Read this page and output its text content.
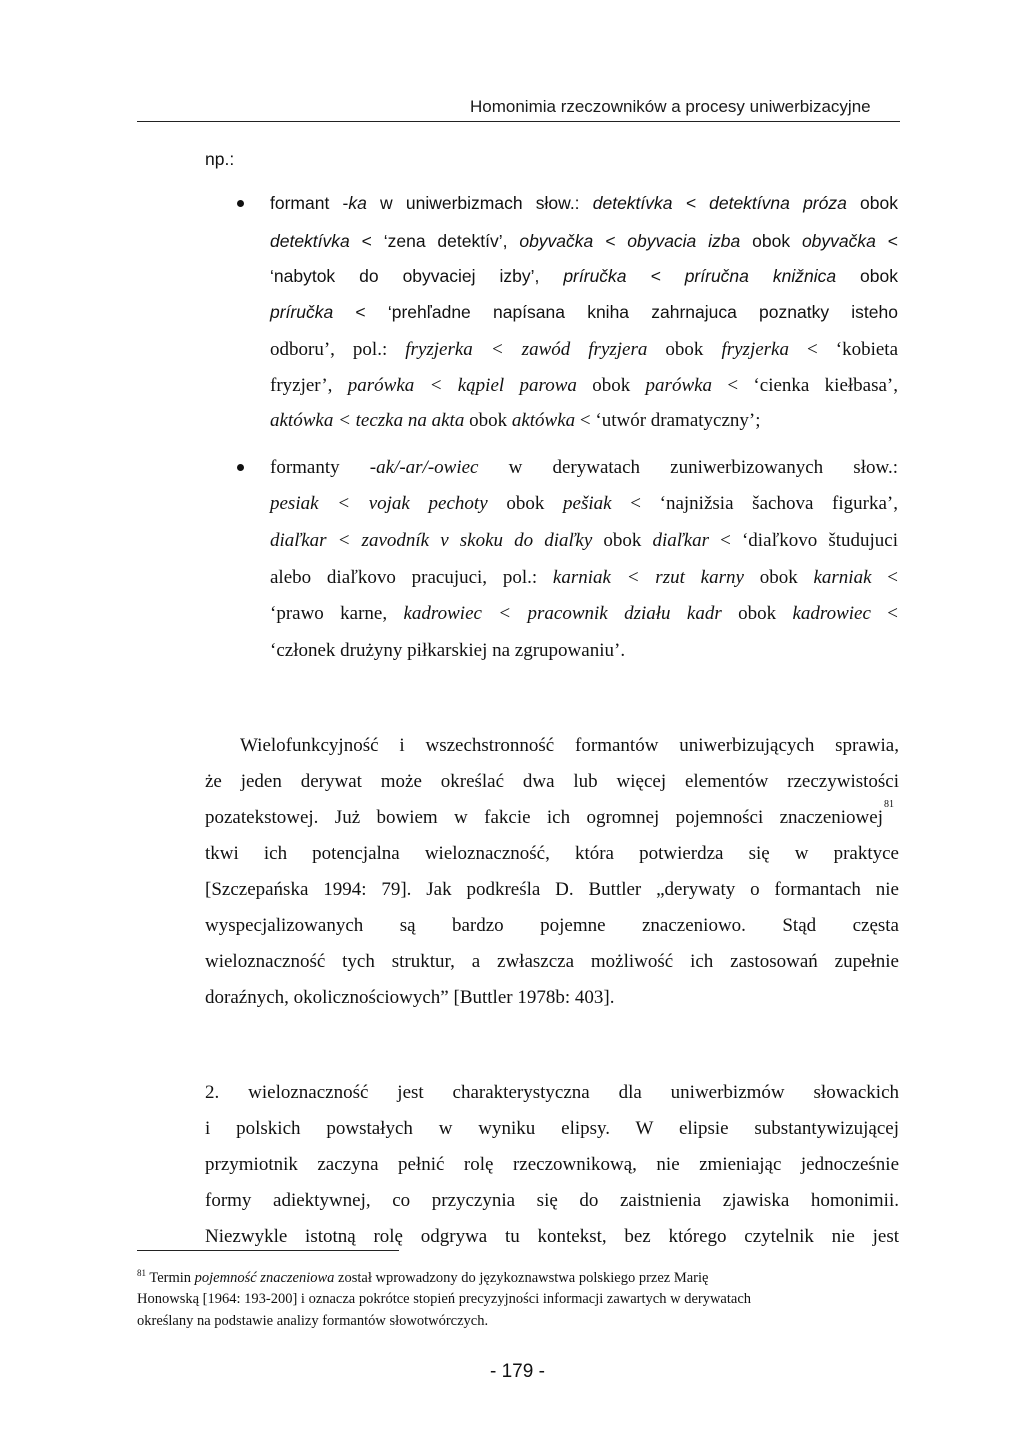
Homonimia rzeczowników a procesy uniwerbizacyjne
np.:
formant -ka w uniwerbizmach słow.: detektívka < detektívna próza obok
detektívka < ‘zena detektív’, obyvačka < obyvacia izba obok obyvačka <
‘nabytok do obyvaciej izby’, príručka < príručna knižnica obok
príručka < ‘prehľadne napísana kniha zahrnajuca poznatky isteho
odboru’, pol.: fryzjerka < zawód fryzjera obok fryzjerka < ‘kobieta
fryzjer’, parówka < kąpiel parowa obok parówka < ‘cienka kiełbasa’,
aktówka < teczka na akta obok aktówka < ‘utwór dramatyczny’;
formanty -ak/-ar/-owiec w derywatach zuniwerbizowanych słow.:
pesiak < vojak pechoty obok pešiak < ‘najnižsia šachova figurka’,
diaľkar < zavodník v skoku do diaľky obok diaľkar < ‘diaľkovo študujuci
alebo diaľkovo pracujuci, pol.: karniak < rzut karny obok karniak <
‘prawo karne, kadrowiec < pracownik działu kadr obok kadrowiec <
‘członek drużyny piłkarskiej na zgrupowaniu’.
Wielofunkcyjność i wszechstronność formantów uniwerbizujących sprawia,
że jeden derywat może określać dwa lub więcej elementów rzeczywistości
pozatekstowej. Już bowiem w fakcie ich ogromnej pojemności znaczeniowej
81
tkwi ich potencjalna wieloznaczność, która potwierdza się w praktyce
[Szczepańska 1994: 79]. Jak podkreśla D. Buttler „derywaty o formantach nie
wyspecjalizowanych są bardzo pojemne znaczeniowo. Stąd częsta
wieloznaczność tych struktur, a zwłaszcza możliwość ich zastosowań zupełnie
doraźnych, okolicznościowych” [Buttler 1978b: 403].
2. wieloznaczność jest charakterystyczna dla uniwerbizmów słowackich
i polskich powstałych w wyniku elipsy. W elipsie substantywizującej
przymiotnik zaczyna pełnić rolę rzeczownikową, nie zmieniając jednocześnie
formy adiektywnej, co przyczynia się do zaistnienia zjawiska homonimii.
Niezwykle istotną rolę odgrywa tu kontekst, bez którego czytelnik nie jest
$^{81}$ Termin pojemność znaczeniowa został wprowadzony do językoznawstwa polskiego przez Marię
Honowską [1964: 193-200] i oznacza pokrótce stopień precyzyjności informacji zawartych w derywatach
określany na podstawie analizy formantów słowotwórczych.
- 179 -
